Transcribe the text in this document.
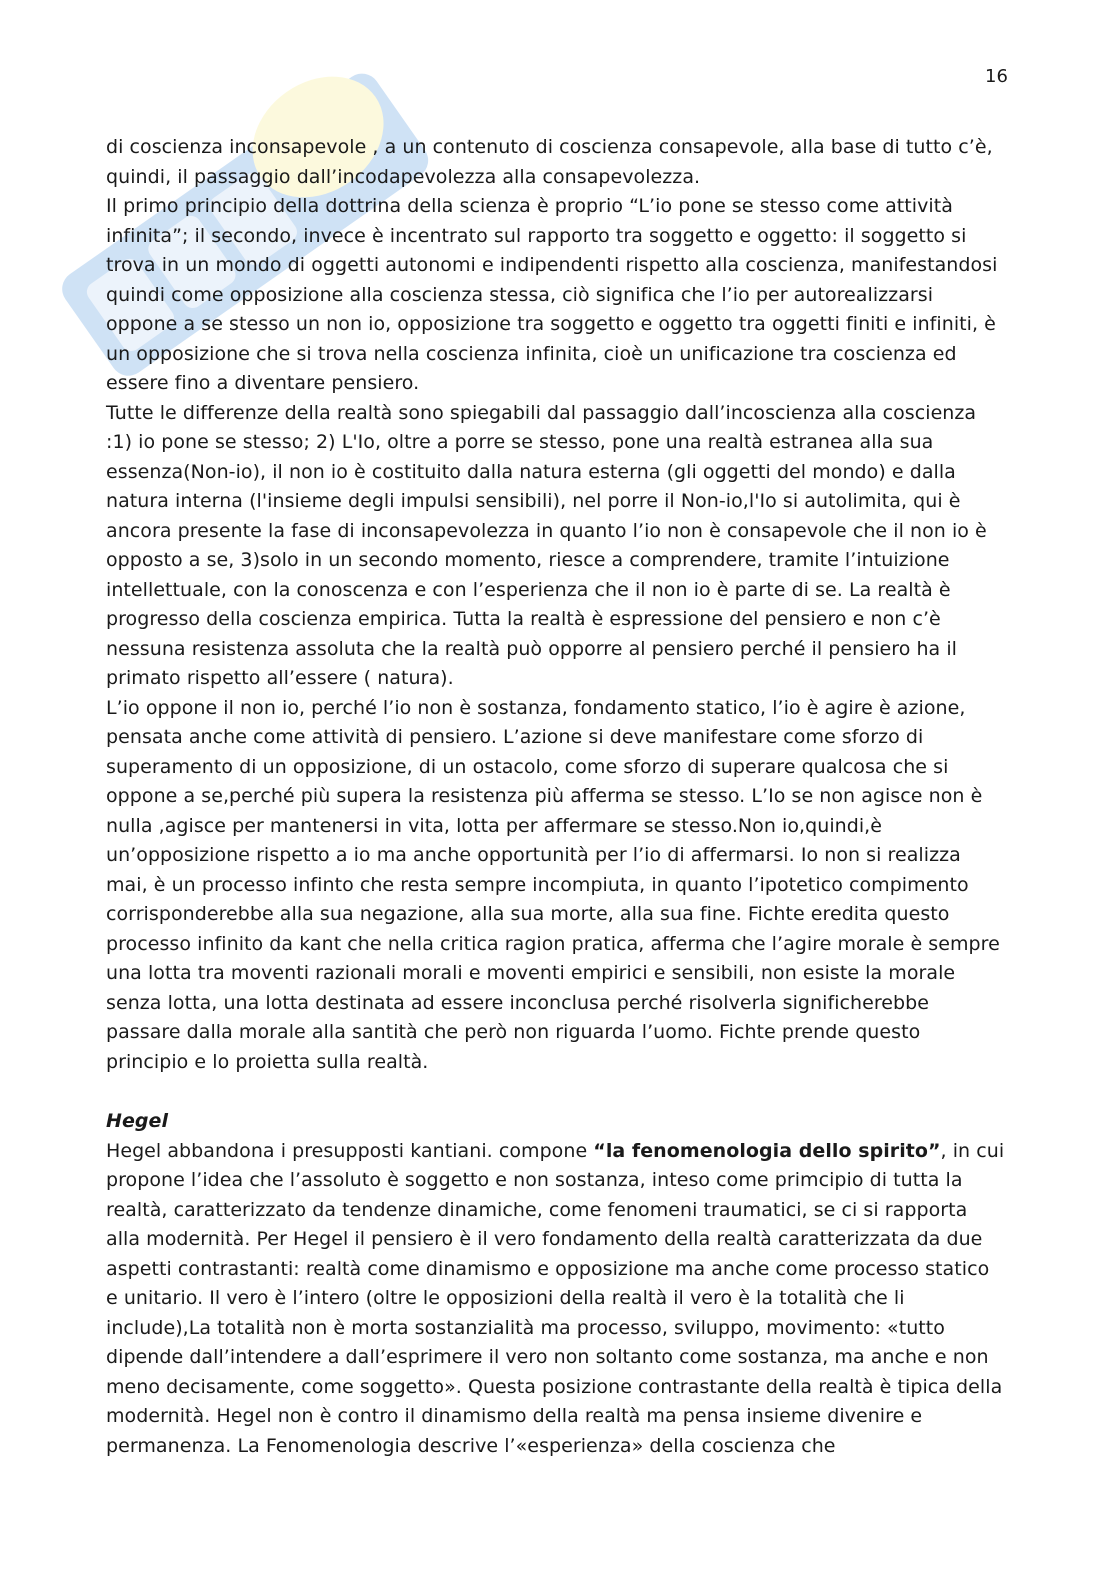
16

di coscienza inconsapevole , a un contenuto di coscienza consapevole, alla base di tutto c’è, quindi, il passaggio dall’incodapevolezza alla consapevolezza.

Il primo principio della dottrina della scienza è proprio “L’io pone se stesso come attività infinita”; il secondo, invece è incentrato sul rapporto tra soggetto e oggetto: il soggetto si trova in un mondo di oggetti autonomi e indipendenti rispetto alla coscienza, manifestandosi quindi come opposizione alla coscienza stessa, ciò significa che l’io per autorealizzarsi oppone a se stesso un non io, opposizione tra soggetto e oggetto tra oggetti finiti e infiniti, è un opposizione che si trova nella coscienza infinita, cioè un unificazione tra coscienza ed essere fino a diventare pensiero.

Tutte le differenze della realtà sono spiegabili dal passaggio dall’incoscienza alla coscienza :1) io pone se stesso; 2) L'Io, oltre a porre se stesso, pone una realtà estranea alla sua essenza(Non-io), il non io è costituito dalla natura esterna (gli oggetti del mondo) e dalla natura interna (l'insieme degli impulsi sensibili), nel porre il Non-io,l'Io si autolimita, qui è ancora presente la fase di inconsapevolezza in quanto l’io non è consapevole che il non io è opposto a se, 3)solo in un secondo momento, riesce a comprendere, tramite l’intuizione intellettuale, con la conoscenza e con l’esperienza che il non io è parte di se. La realtà è progresso della coscienza empirica. Tutta la realtà è espressione del pensiero e non c’è nessuna resistenza assoluta che la realtà può opporre al pensiero perché il pensiero ha il primato rispetto all’essere ( natura).

L’io oppone il non io, perché l’io non è sostanza, fondamento statico, l’io è agire è azione, pensata anche come attività di pensiero. L’azione si deve manifestare come sforzo di superamento di un opposizione, di un ostacolo, come sforzo di superare qualcosa che si oppone a se,perché più supera la resistenza più afferma se stesso. L’Io se non agisce non è nulla ,agisce per mantenersi in vita, lotta per affermare se stesso.Non io,quindi,è un’opposizione rispetto a io ma anche opportunità per l’io di affermarsi. Io non si realizza mai, è un processo infinto che resta sempre incompiuta, in quanto l’ipotetico compimento corrisponderebbe alla sua negazione, alla sua morte, alla sua fine. Fichte eredita questo processo infinito da kant che nella critica ragion pratica, afferma che l’agire morale è sempre una lotta tra moventi razionali morali e moventi empirici e sensibili, non esiste la morale senza lotta, una lotta destinata ad essere inconclusa perché risolverla significherebbe passare dalla morale alla santità che però non riguarda l’uomo. Fichte prende questo principio e lo proietta sulla realtà.

Hegel

Hegel abbandona i presupposti kantiani. compone “la fenomenologia dello spirito”, in cui propone l’idea che l’assoluto è soggetto e non sostanza, inteso come primcipio di tutta la realtà, caratterizzato da tendenze dinamiche, come fenomeni traumatici, se ci si rapporta alla modernità. Per Hegel il pensiero è il vero fondamento della realtà caratterizzata da due aspetti contrastanti: realtà come dinamismo e opposizione ma anche come processo statico e unitario. Il vero è l’intero (oltre le opposizioni della realtà il vero è la totalità che li include),La totalità non è morta sostanzialità ma processo, sviluppo, movimento: «tutto dipende dall’intendere a dall’esprimere il vero non soltanto come sostanza, ma anche e non meno decisamente, come soggetto». Questa posizione contrastante della realtà è tipica della modernità. Hegel non è contro il dinamismo della realtà ma pensa insieme divenire e permanenza. La Fenomenologia descrive l’«esperienza» della coscienza che
